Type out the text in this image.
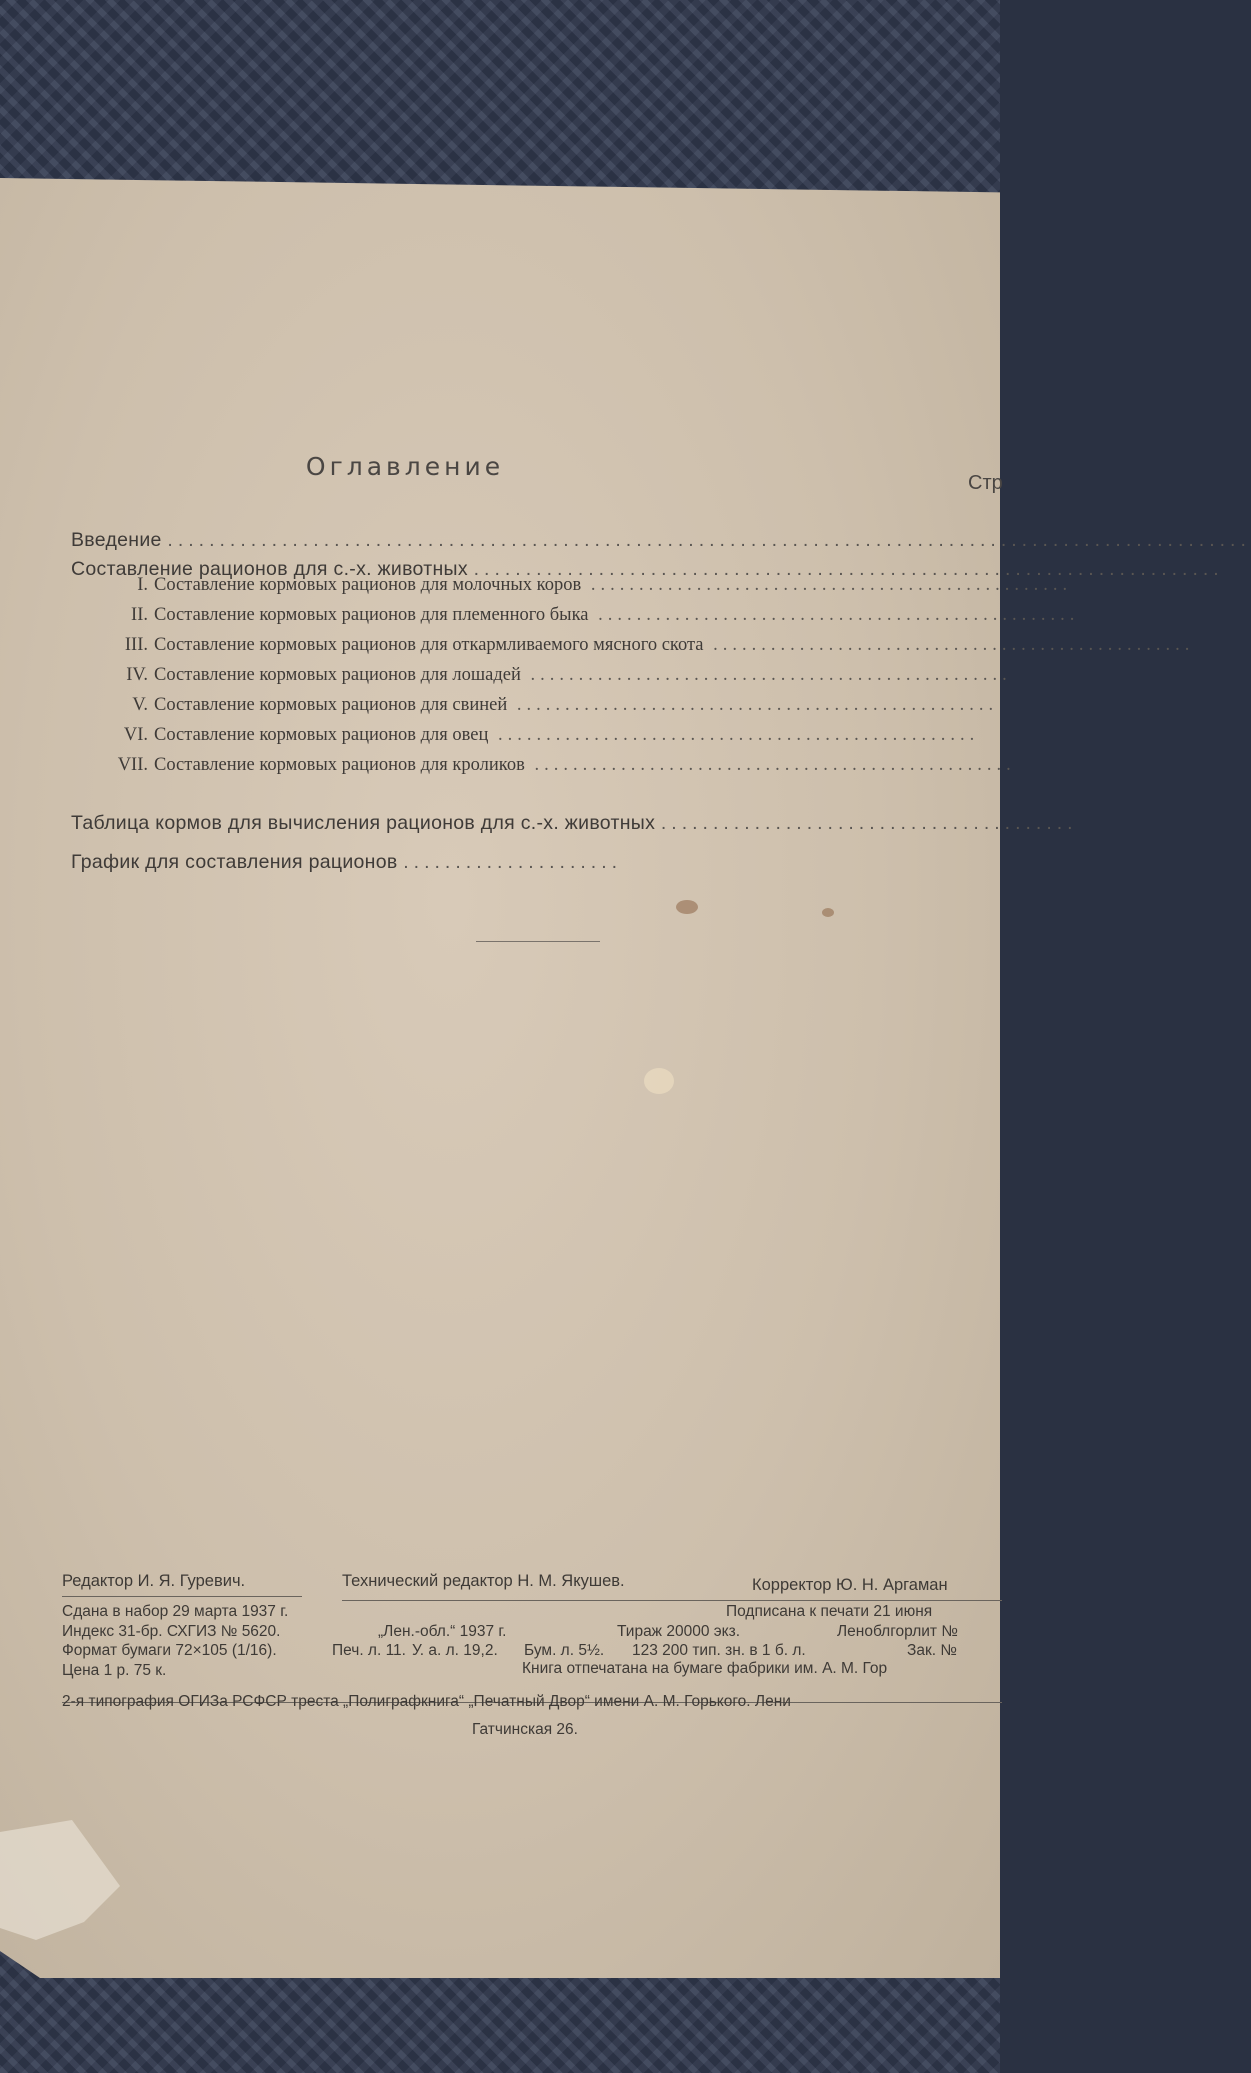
Оглавление
Стр
Введение ........................................................................................................
Составление рационов для с.-х. животных ........................................................................
I. Составление кормовых рационов для молочных коров ..................................................
II. Составление кормовых рационов для племенного быка ..................................................
III. Составление кормовых рационов для откармливаемого мясного скота ..................................................
IV. Составление кормовых рационов для лошадей ..................................................
V. Составление кормовых рационов для свиней ..................................................
VI. Составление кормовых рационов для овец ..................................................
VII. Составление кормовых рационов для кроликов ..................................................
Таблица кормов для вычисления рационов для с.-х. животных ........................................
График для составления рационов .....................
Редактор И. Я. Гуревич.	Технический редактор Н. М. Якушев.	Корректор Ю. Н. Аргаман
Сдана в набор 29 марта 1937 г.	Подписана к печати 21 июня
Индекс 31-бр. СХГИЗ № 5620.	„Лен.-обл.“ 1937 г.	Тираж 20000 экз.	Леноблгорлит №
Формат бумаги 72×105 (1/16).	Печ. л. 11. У. а. л. 19,2. Бум. л. 5½. 123 200 тип. зн. в 1 б. л.	Зак. №
Цена 1 р. 75 к.	Книга отпечатана на бумаге фабрики им. А. М. Гор
2-я типография ОГИЗа РСФСР треста „Полиграфкнига“ „Печатный Двор“ имени А. М. Горького. Лени
Гатчинская 26.
